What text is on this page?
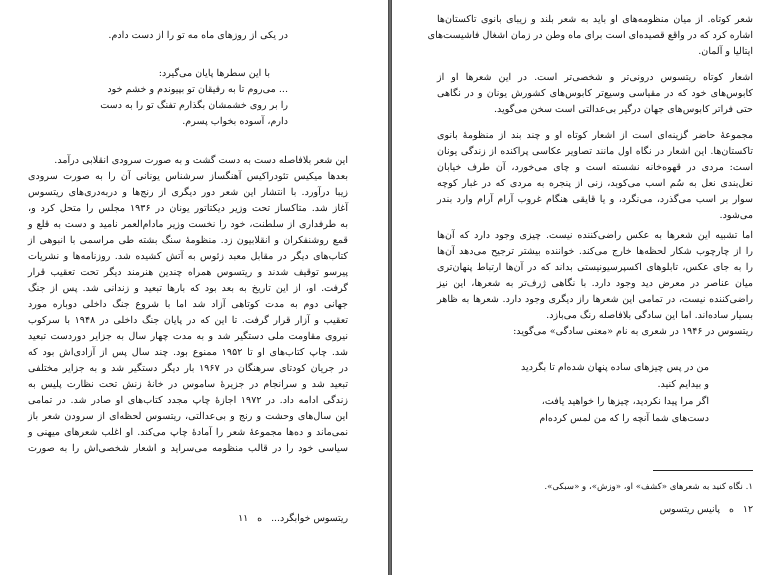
در یکی از روزهای ماه مه تو را از دست دادم.
با این سطرها پایان می‌گیرد:
... می‌روم تا به رفیقان تو بپیوندم و خشم خود
را بر روی خشمشان بگذارم تفنگ تو را به دست
دارم، آسوده بخواب پسرم.
این شعر بلافاصله دست به دست گشت و به صورت سرودی انقلابی درآمد.
بعدها میکیس تئودراکیس آهنگساز سرشناس یونانی آن را به صورت سرودی
زیبا درآورد. با انتشار این شعر دور دیگری از رنج‌ها و دربه‌دری‌های ریتسوس
آغاز شد. متاکساز تحت وزیر دیکتاتور یونان در ۱۹۳۶ مجلس را متحل کرد و،
به طرفداری از سلطنت، خود را نخست وزیر مادام‌العمر نامید و دست به قلع و
قمع روشنفکران و انقلابیون زد. منظومهٔ سنگ بشته طی مراسمی با انبوهی از
کتاب‌های دیگر در مقابل معبد زئوس به آتش کشیده شد. روزنامه‌ها و نشریات
پیرسو توقیف شدند و ریتسوس همراه چندین هنرمند دیگر تحت تعقیب قرار
گرفت. او، از این تاریخ به بعد بود که بارها تبعید و زندانی شد. پس از جنگ
جهانی دوم به مدت کوتاهی آزاد شد اما با شروع جنگ داخلی دوباره مورد
تعقیب و آزار قرار گرفت. تا این که در پایان جنگ داخلی در ۱۹۴۸ با سرکوب
نیروی مقاومت ملی دستگیر شد و به مدت چهار سال به جزایر دوردست تبعید
شد. چاپ کتاب‌های او تا ۱۹۵۲ ممنوع بود. چند سال پس از آزادی‌اش بود که
در جریان کودتای سرهنگان در ۱۹۶۷ بار دیگر دستگیر شد و به جزایر مختلفی
تبعید شد و سرانجام در جزیرهٔ ساموس در خانهٔ زنش تحت نظارت پلیس به
زندگی ادامه داد. در ۱۹۷۲ اجازهٔ چاپ مجدد کتاب‌های او صادر شد. در تمامی
این سال‌های وحشت و رنج و بی‌عدالتی، ریتسوس لحظه‌ای از سرودن شعر باز
نمی‌ماند و ده‌ها مجموعهٔ شعر را آمادهٔ چاپ می‌کند. او اغلب شعرهای میهنی و
سیاسی خود را در قالب منظومه می‌سراید و اشعار شخصی‌اش را به صورت
ریتسوس خوابگرد... ه ۱۱
شعر کوتاه. از میان منظومه‌های او باید به شعر بلند و زیبای بانوی تاکستان‌ها
اشاره کرد که در واقع قصیده‌ای است برای ماه وطن در زمان اشغال فاشیست‌های
ایتالیا و آلمان.
اشعار کوتاه ریتسوس درونی‌تر و شخصی‌تر است. در این شعرها او از
کابوس‌های خود که در مقیاسی وسیع‌تر کابوس‌های کشورش یونان و در نگاهی
حتی فراتر کابوس‌های جهان درگیر بی‌عدالتی است سخن می‌گوید.
مجموعهٔ حاضر گزینه‌ای است از اشعار کوتاه او و چند بند از منظومهٔ بانوی
تاکستان‌ها. این اشعار در نگاه اول مانند تصاویر عکاسی پراکنده از زندگی یونان
است: مردی در قهوه‌خانه نشسته است و چای می‌خورد، آن طرف خیابان
نعل‌بندی نعل به سُم اسب می‌کوبد، زنی از پنجره به مردی که در غبار کوچه
سوار بر اسب می‌گذرد، می‌نگرد، و یا قایقی هنگام غروب آرام آرام وارد بندر
می‌شود.
اما تشبیه این شعرها به عکس راضی‌کننده نیست. چیزی وجود دارد که آن‌ها
را از چارچوب شکار لحظه‌ها خارج می‌کند. خواننده بیشتر ترجیح می‌دهد آن‌ها
را به جای عکس، تابلوهای اکسپرسیونیستی بداند که در آن‌ها ارتباط پنهان‌تری
میان عناصر در معرض دید وجود دارد. با نگاهی ژرف‌تر به شعرها، این نیز
راضی‌کننده نیست، در تمامی این شعرها راز دیگری وجود دارد. شعرها به ظاهر
بسیار ساده‌اند. اما این سادگی بلافاصله رنگ می‌بازد.
ریتسوس در ۱۹۴۶ در شعری به نام «معنی سادگی» می‌گوید:
من در پس چیزهای ساده پنهان شده‌ام تا بگردید
و بیدایم کنید.
اگر مرا پیدا نکردید، چیزها را خواهید یافت،
دست‌های شما آنچه را که من لمس کرده‌ام
۱. نگاه کنید به شعرهای «کشف» او، «وزش»، و «سبکی».
۱۲ ه پانیس ریتسوس
